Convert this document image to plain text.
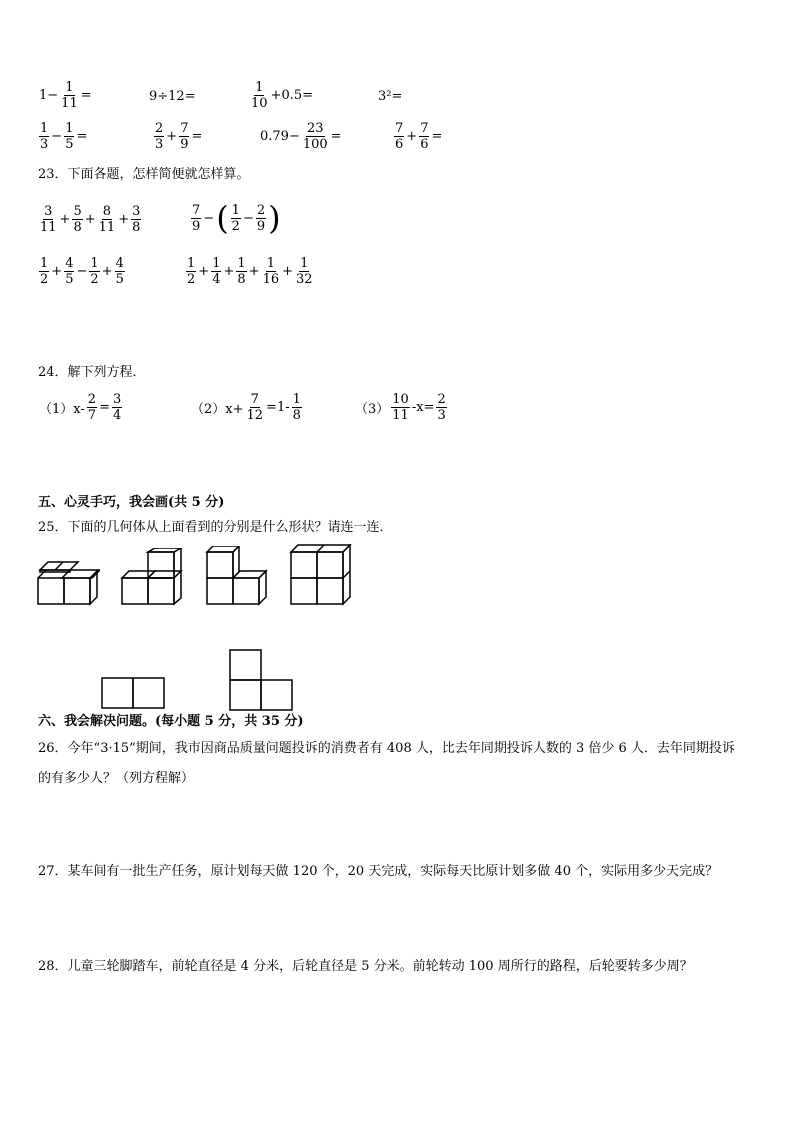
$1- \frac{1}{11}$ =	9÷12=	$\frac{1}{10} +0.5=$	3²=
$\frac{1}{3} - \frac{1}{5}$ =	$\frac{2}{3} + \frac{7}{9}$ =	$0.79- \frac{23}{100}$ =	$\frac{7}{6} + \frac{7}{6}$ =
23．下面各题，怎样简便就怎样算。
$\frac{3}{11} + \frac{5}{8} + \frac{8}{11} + \frac{3}{8}$	$\frac{7}{9}$ − ( $\frac{1}{2} - \frac{2}{9}$ )
$\frac{1}{2} + \frac{4}{5} - \frac{1}{2} + \frac{4}{5}$	$\frac{1}{2} + \frac{1}{4} + \frac{1}{8} + \frac{1}{16} + \frac{1}{32}$
24．解下列方程．
$(1)x- \frac{2}{7} = \frac{3}{4}$	$(2)x+ \frac{7}{12} =1- \frac{1}{8}$	$(3) \frac{10}{11} -x= \frac{2}{3}$
五、心灵手巧，我会画(共 5 分)
25．下面的几何体从上面看到的分别是什么形状？请连一连．
六、我会解决问题。(每小题 5 分，共 35 分)
26．今年“3·15”期间，我市因商品质量问题投诉的消费者有 408 人，比去年同期投诉人数的 3 倍少 6 人．去年同期投诉
的有多少人？（列方程解）
27．某车间有一批生产任务，原计划每天做 120 个，20 天完成，实际每天比原计划多做 40 个，实际用多少天完成？
28．儿童三轮脚踏车，前轮直径是 4 分米，后轮直径是 5 分米。前轮转动 100 周所行的路程，后轮要转多少周？
